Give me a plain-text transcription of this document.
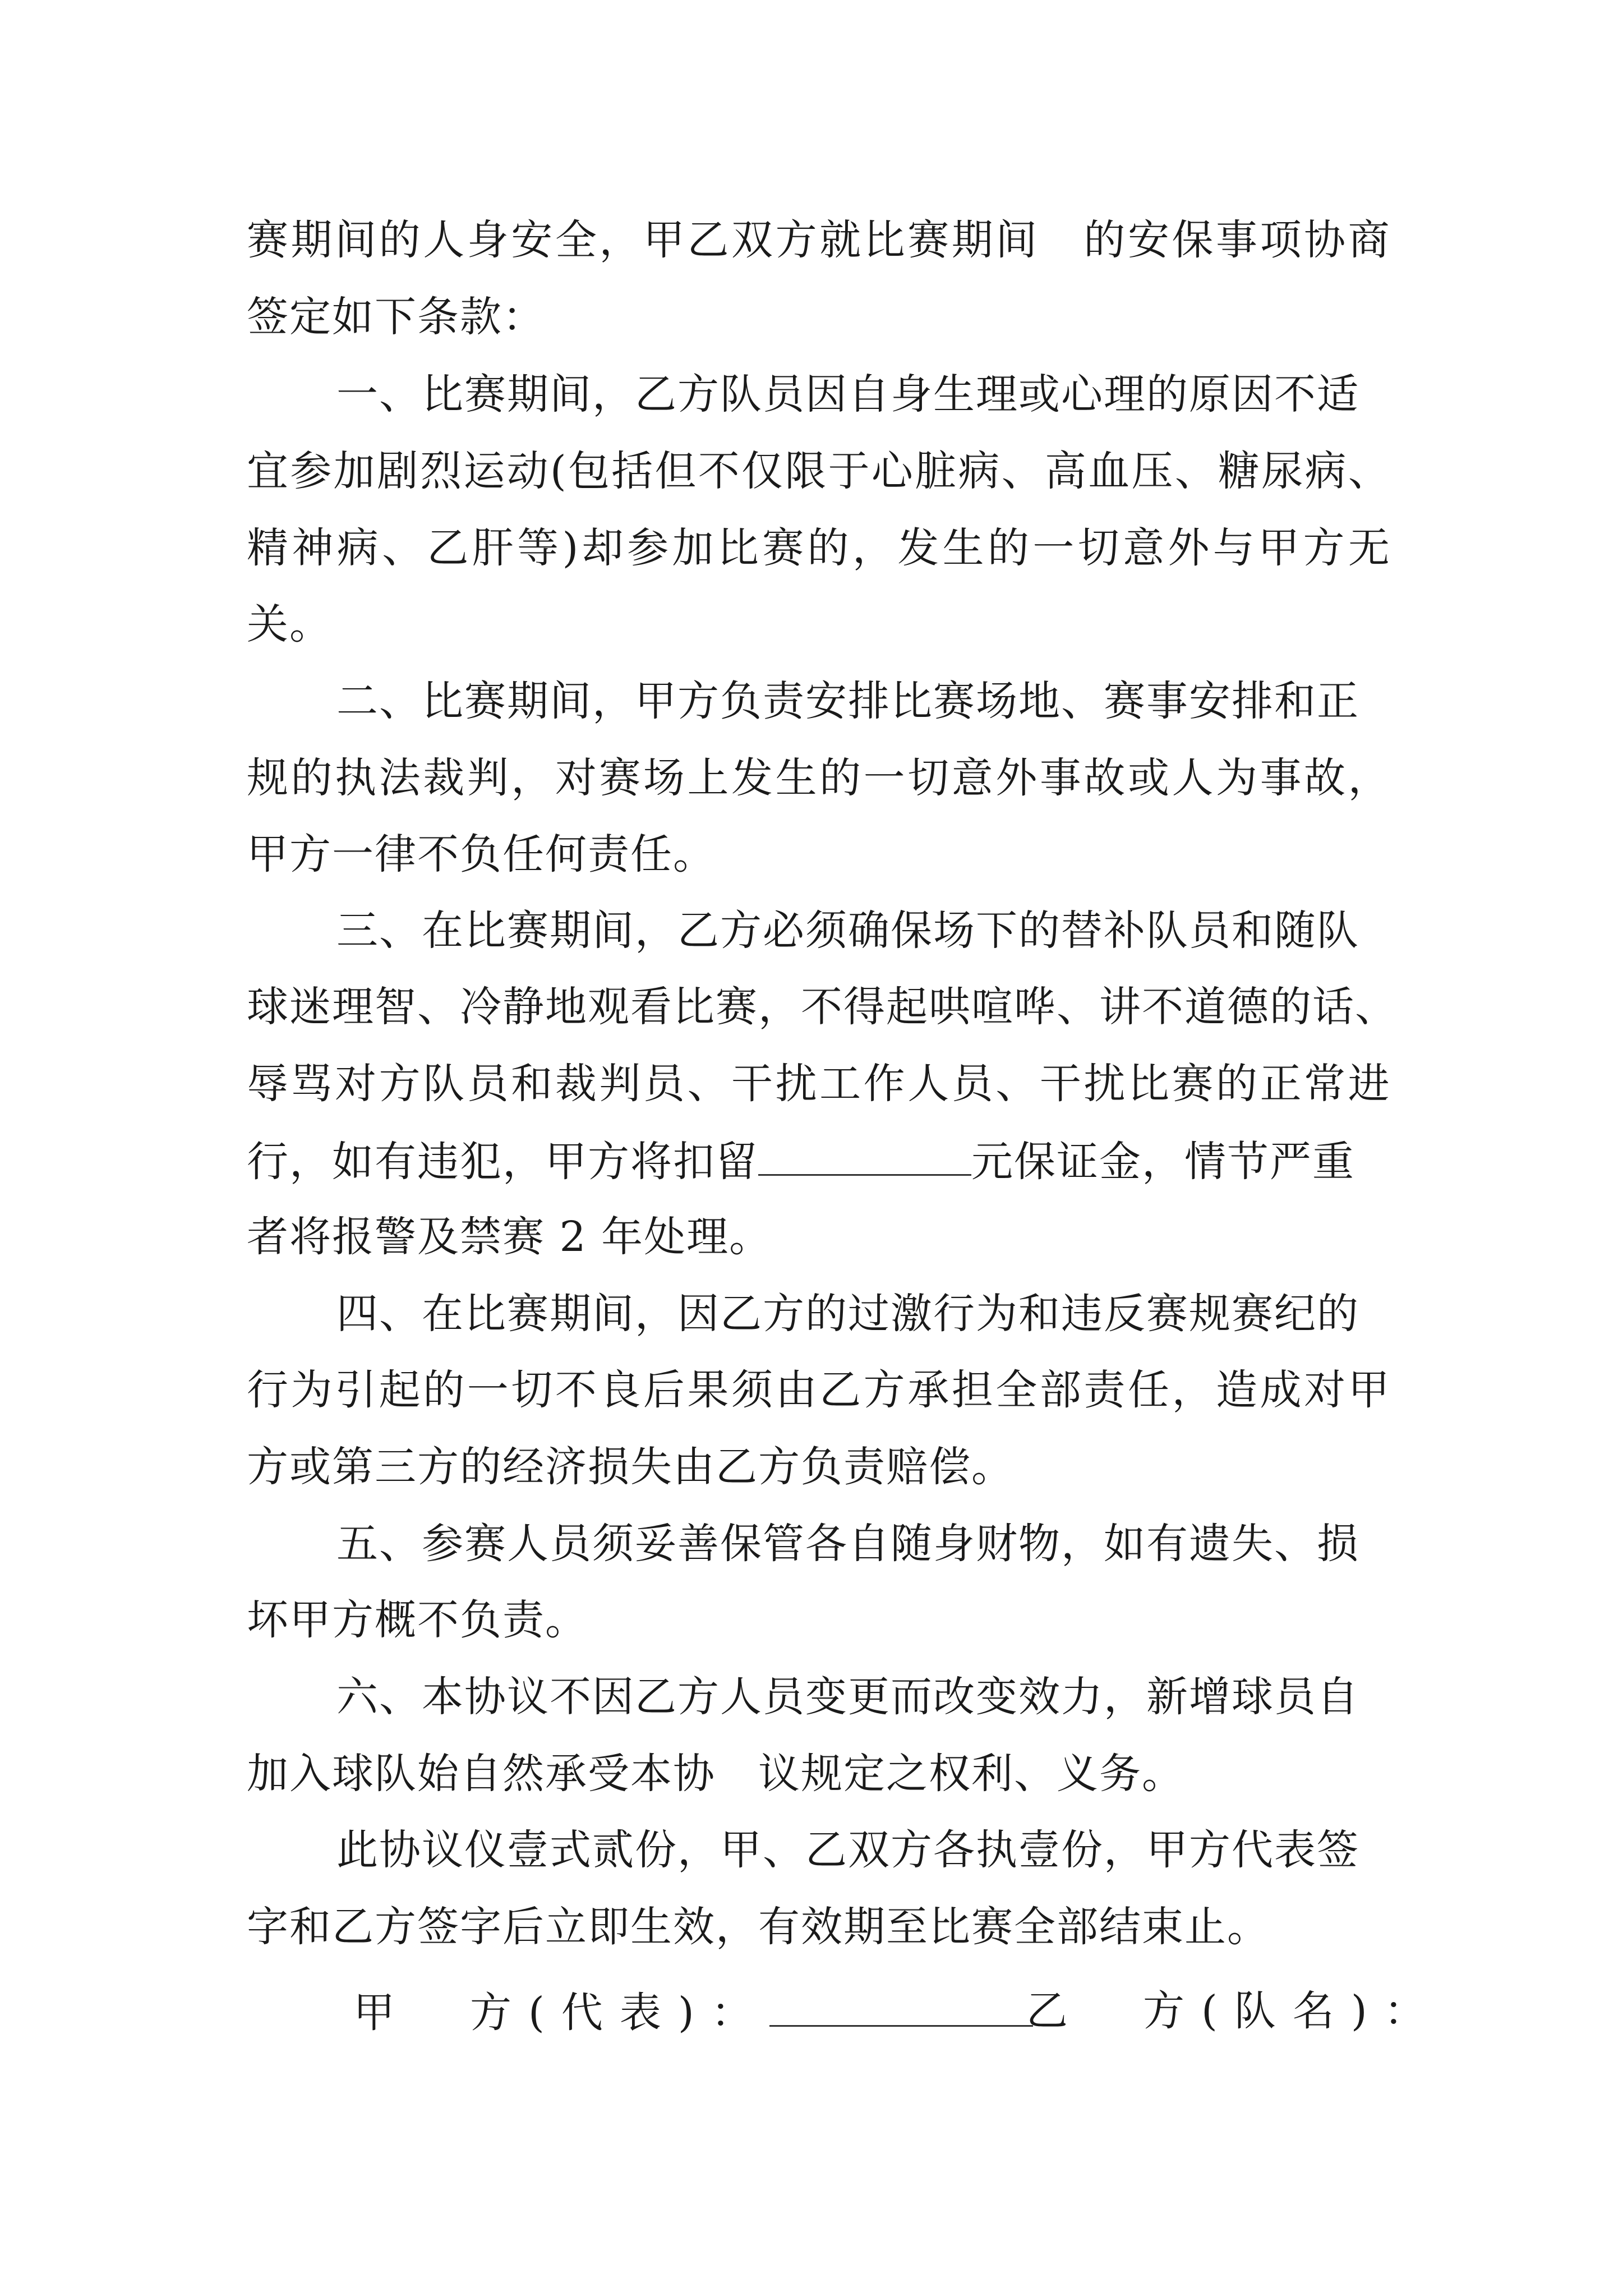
赛 期 间 的 人 身 安 全 ， 甲 乙 双 方 就 比 赛 期 间
　 的 安 保 事 项 协 商
签定如下条款：
一、比赛期间，乙方队员因自身生理或心理的原因不适
宜 参 加 剧 烈 运 动 ( 包 括 但 不 仅 限 于 心 脏 病 、 高 血 压 、 糖 尿 病 、
精 神 病 、 乙 肝 等 ) 却 参 加 比 赛 的 ， 发 生 的 一 切 意 外 与 甲 方 无
关。
二、比赛期间，甲方负责安排比赛场地、赛事安排和正
规 的 执 法 裁 判 ， 对 赛 场 上 发 生 的 一 切 意 外 事 故 或 人 为 事 故 ，
甲方一律不负任何责任。
三、在比赛期间，乙方必须确保场下的替补队员和随队
球 迷 理 智 、 冷 静 地 观 看 比 赛 ， 不 得 起 哄 喧 哗 、 讲 不 道 德 的 话 、
辱 骂 对 方 队 员 和 裁 判 员 、 干 扰 工 作 人 员 、 干 扰 比 赛 的 正 常 进
行，如有违犯，甲方将扣留	元保证金，情节严重
者将报警及禁赛 2 年处理。
四、在比赛期间，因乙方的过激行为和违反赛规赛纪的
行 为 引 起 的 一 切 不 良 后 果 须 由 乙 方 承 担 全 部 责 任 ， 造 成 对 甲
方或第三方的经济损失由乙方负责赔偿。
五、参赛人员须妥善保管各自随身财物，如有遗失、损
坏甲方概不负责。
六、本协议不因乙方人员变更而改变效力，新增球员自
加入球队始自然承受本协　议规定之权利、义务。
此协议仪壹式贰份，甲、乙双方各执壹份，甲方代表签
字和乙方签字后立即生效，有效期至比赛全部结束止。
甲　方(代表)：	乙　方(队名)：
